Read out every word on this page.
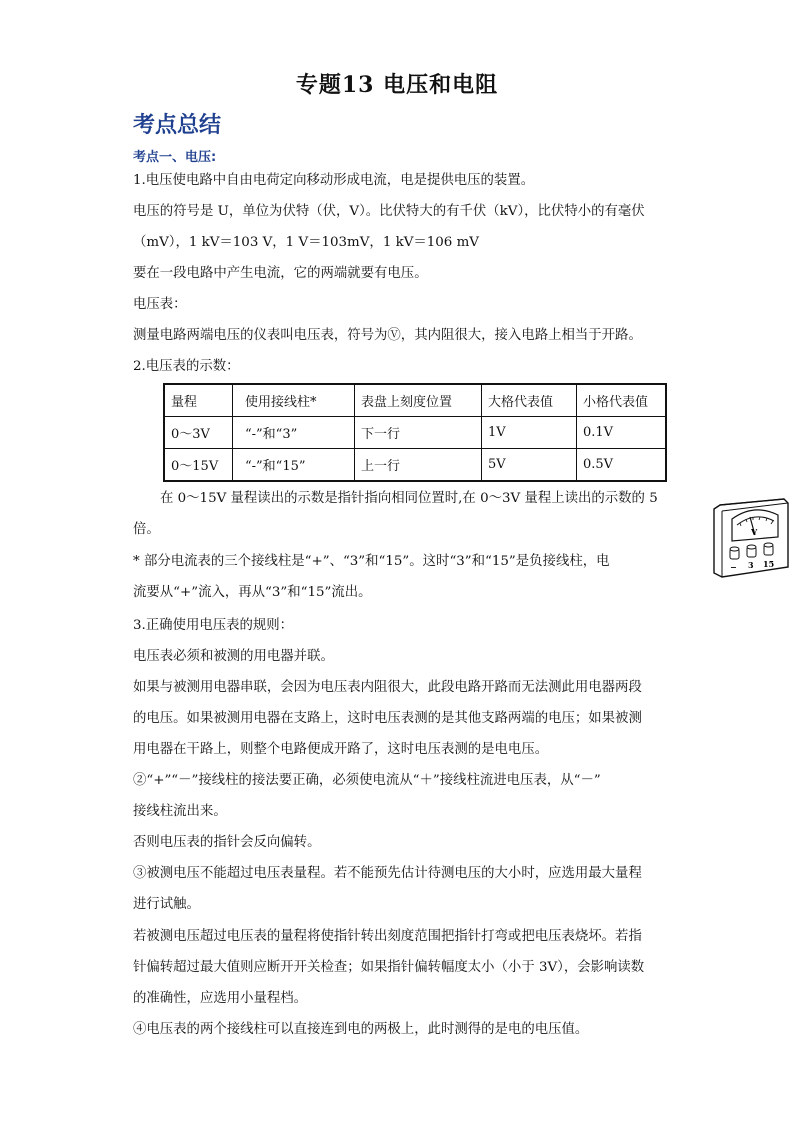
专题13 电压和电阻
考点总结
考点一、电压:
1.电压使电路中自由电荷定向移动形成电流，电是提供电压的装置。
电压的符号是 U，单位为伏特（伏，V）。比伏特大的有千伏（kV），比伏特小的有毫伏
（mV），1 kV＝103 V，1 V＝103mV，1 kV＝106 mV
要在一段电路中产生电流，它的两端就要有电压。
电压表：
测量电路两端电压的仪表叫电压表，符号为Ⓥ，其内阻很大，接入电路上相当于开路。
2.电压表的示数：
量程	使用接线柱*	表盘上刻度位置	大格代表值	小格代表值
0～3V	“-”和“3”	下一行	1V	0.1V
0～15V	“-”和“15”	上一行	5V	0.5V
在 0～15V 量程读出的示数是指针指向相同位置时,在 0～3V 量程上读出的示数的 5
倍。
* 部分电流表的三个接线柱是“+”、“3”和“15”。这时“3”和“15”是负接线柱，电
流要从“+”流入，再从“3”和“15”流出。
3.正确使用电压表的规则：
电压表必须和被测的用电器并联。
如果与被测用电器串联，会因为电压表内阻很大，此段电路开路而无法测此用电器两段
的电压。如果被测用电器在支路上，这时电压表测的是其他支路两端的电压；如果被测
用电器在干路上，则整个电路便成开路了，这时电压表测的是电电压。
②“+”“－”接线柱的接法要正确，必须使电流从“＋”接线柱流进电压表，从“－”
接线柱流出来。
否则电压表的指针会反向偏转。
③被测电压不能超过电压表量程。若不能预先估计待测电压的大小时，应选用最大量程
进行试触。
若被测电压超过电压表的量程将使指针转出刻度范围把指针打弯或把电压表烧坏。若指
针偏转超过最大值则应断开开关检查；如果指针偏转幅度太小（小于 3V），会影响读数
的准确性，应选用小量程档。
④电压表的两个接线柱可以直接连到电的两极上，此时测得的是电的电压值。
V
− 3 15
